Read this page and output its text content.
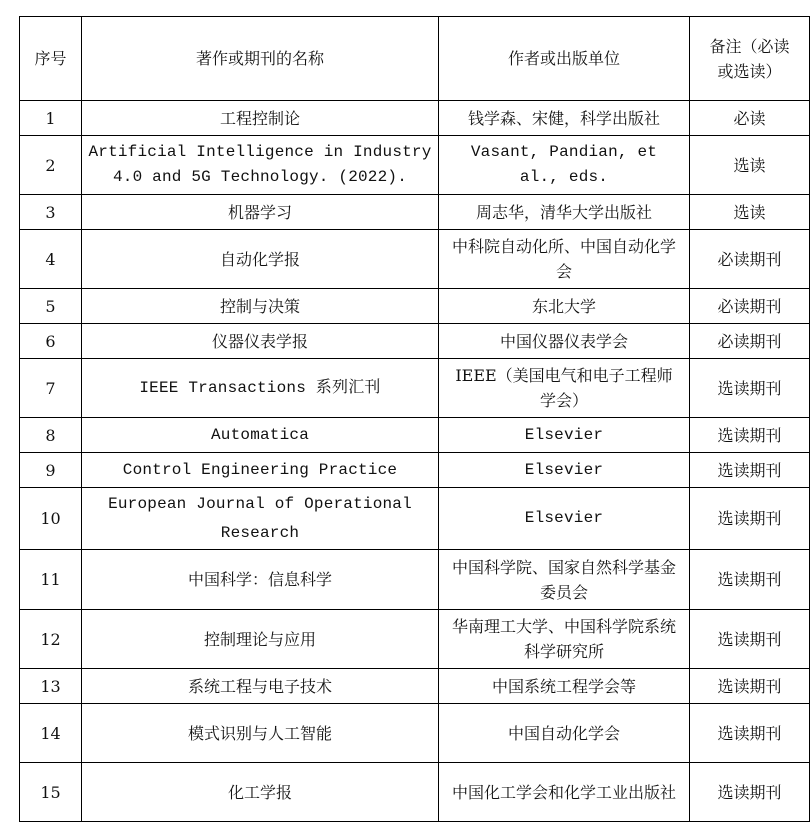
序号	著作或期刊的名称	作者或出版单位	备注（必读或选读）
1	工程控制论	钱学森、宋健，科学出版社	必读
2	Artificial Intelligence in Industry 4.0 and 5G Technology. (2022).	Vasant, Pandian, et al., eds.	选读
3	机器学习	周志华，清华大学出版社	选读
4	自动化学报	中科院自动化所、中国自动化学会	必读期刊
5	控制与决策	东北大学	必读期刊
6	仪器仪表学报	中国仪器仪表学会	必读期刊
7	IEEE Transactions 系列汇刊	IEEE（美国电气和电子工程师学会）	选读期刊
8	Automatica	Elsevier	选读期刊
9	Control Engineering Practice	Elsevier	选读期刊
10	European Journal of Operational Research	Elsevier	选读期刊
11	中国科学：信息科学	中国科学院、国家自然科学基金委员会	选读期刊
12	控制理论与应用	华南理工大学、中国科学院系统科学研究所	选读期刊
13	系统工程与电子技术	中国系统工程学会等	选读期刊
14	模式识别与人工智能	中国自动化学会	选读期刊
15	化工学报	中国化工学会和化学工业出版社	选读期刊
